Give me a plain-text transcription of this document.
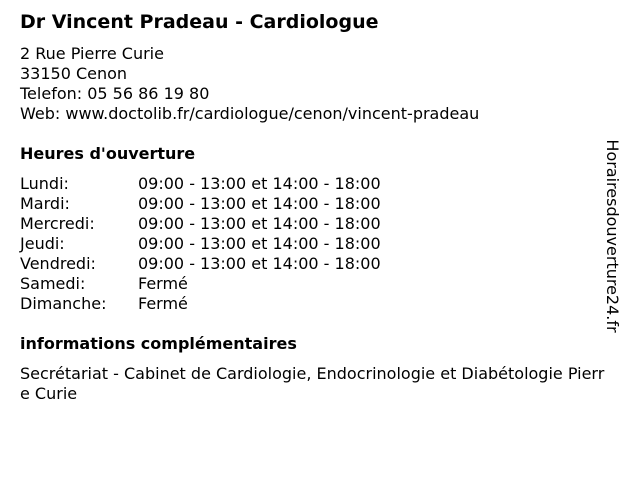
Dr Vincent Pradeau - Cardiologue
2 Rue Pierre Curie
33150 Cenon
Telefon: 05 56 86 19 80
Web: www.doctolib.fr/cardiologue/cenon/vincent-pradeau
Heures d'ouverture
Lundi:	09:00 - 13:00 et 14:00 - 18:00
Mardi:	09:00 - 13:00 et 14:00 - 18:00
Mercredi:	09:00 - 13:00 et 14:00 - 18:00
Jeudi:	09:00 - 13:00 et 14:00 - 18:00
Vendredi:	09:00 - 13:00 et 14:00 - 18:00
Samedi:	Fermé
Dimanche:	Fermé
informations complémentaires
Secrétariat - Cabinet de Cardiologie, Endocrinologie et Diabétologie Pierre Curie
Horairesdouverture24.fr
